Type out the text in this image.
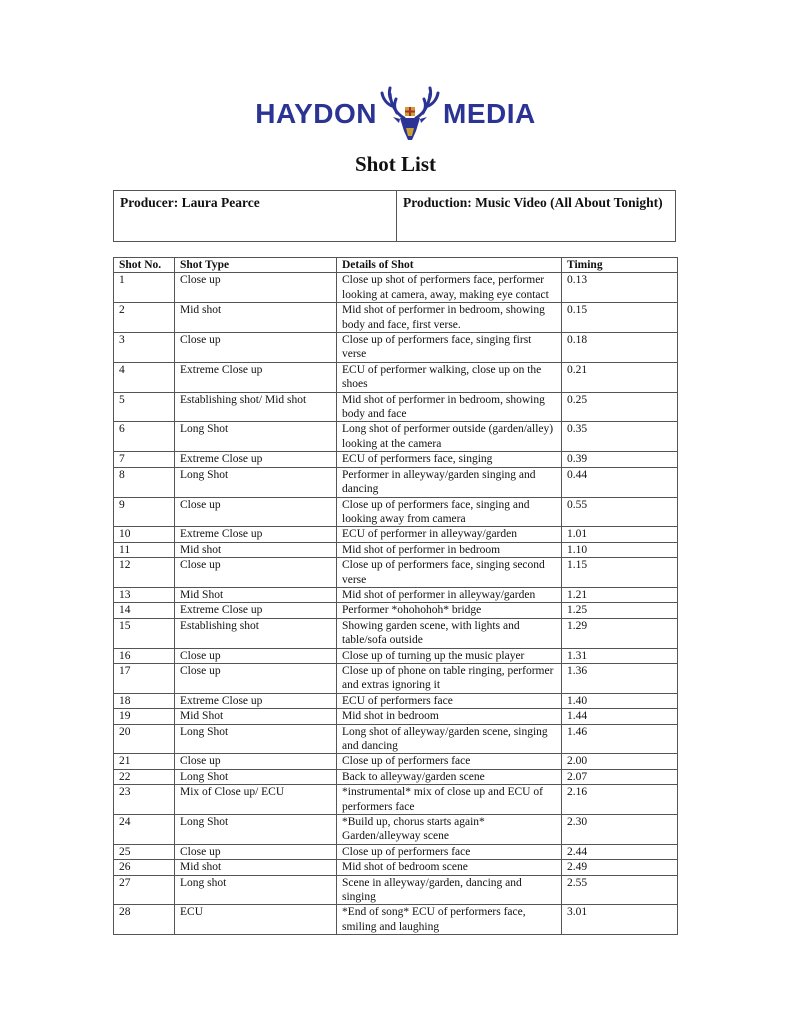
HAYDON MEDIA
Shot List
Producer: Laura Pearce	Production: Music Video (All About Tonight)
Shot No.	Shot Type	Details of Shot	Timing
1	Close up	Close up shot of performers face, performer looking at camera, away, making eye contact	0.13
2	Mid shot	Mid shot of performer in bedroom, showing body and face, first verse.	0.15
3	Close up	Close up of performers face, singing first verse	0.18
4	Extreme Close up	ECU of performer walking, close up on the shoes	0.21
5	Establishing shot/ Mid shot	Mid shot of performer in bedroom, showing body and face	0.25
6	Long Shot	Long shot of performer outside (garden/alley) looking at the camera	0.35
7	Extreme Close up	ECU of performers face, singing	0.39
8	Long Shot	Performer in alleyway/garden singing and dancing	0.44
9	Close up	Close up of performers face, singing and looking away from camera	0.55
10	Extreme Close up	ECU of performer in alleyway/garden	1.01
11	Mid shot	Mid shot of performer in bedroom	1.10
12	Close up	Close up of performers face, singing second verse	1.15
13	Mid Shot	Mid shot of performer in alleyway/garden	1.21
14	Extreme Close up	Performer *ohohohoh* bridge	1.25
15	Establishing shot	Showing garden scene, with lights and table/sofa outside	1.29
16	Close up	Close up of turning up the music player	1.31
17	Close up	Close up of phone on table ringing, performer and extras ignoring it	1.36
18	Extreme Close up	ECU of performers face	1.40
19	Mid Shot	Mid shot in bedroom	1.44
20	Long Shot	Long shot of alleyway/garden scene, singing and dancing	1.46
21	Close up	Close up of performers face	2.00
22	Long Shot	Back to alleyway/garden scene	2.07
23	Mix of Close up/ ECU	*instrumental* mix of close up and ECU of performers face	2.16
24	Long Shot	*Build up, chorus starts again* Garden/alleyway scene	2.30
25	Close up	Close up of performers face	2.44
26	Mid shot	Mid shot of bedroom scene	2.49
27	Long shot	Scene in alleyway/garden, dancing and singing	2.55
28	ECU	*End of song* ECU of performers face, smiling and laughing	3.01
